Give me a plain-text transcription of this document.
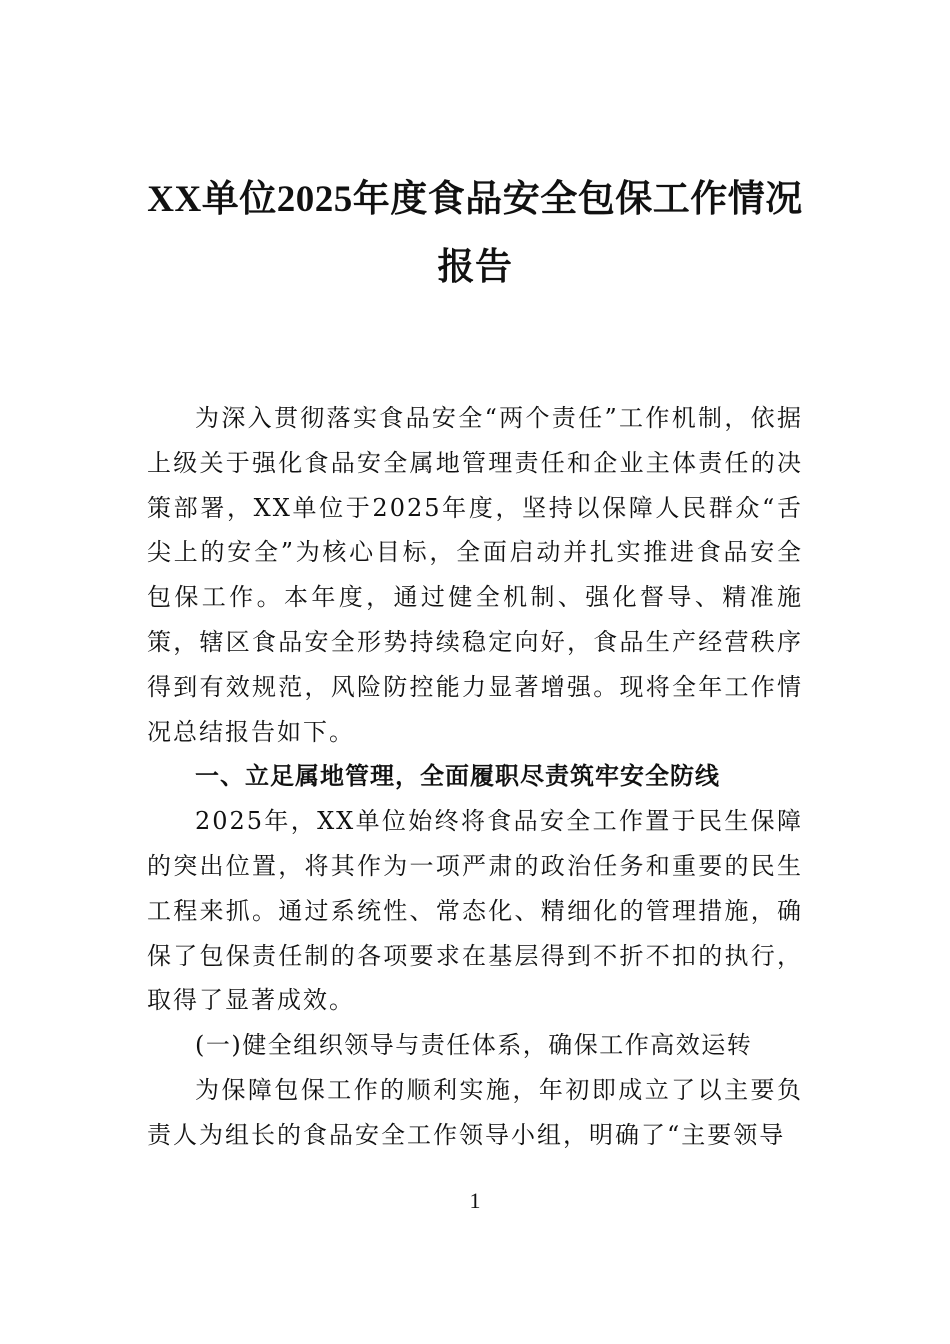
XX单位2025年度食品安全包保工作情况
报告

为深入贯彻落实食品安全“两个责任”工作机制，依据上级关于强化食品安全属地管理责任和企业主体责任的决策部署，XX单位于2025年度，坚持以保障人民群众“舌尖上的安全”为核心目标，全面启动并扎实推进食品安全包保工作。本年度，通过健全机制、强化督导、精准施策，辖区食品安全形势持续稳定向好，食品生产经营秩序得到有效规范，风险防控能力显著增强。现将全年工作情况总结报告如下。

一、立足属地管理，全面履职尽责筑牢安全防线

2025年，XX单位始终将食品安全工作置于民生保障的突出位置，将其作为一项严肃的政治任务和重要的民生工程来抓。通过系统性、常态化、精细化的管理措施，确保了包保责任制的各项要求在基层得到不折不扣的执行，取得了显著成效。

(一)健全组织领导与责任体系，确保工作高效运转

为保障包保工作的顺利实施，年初即成立了以主要负责人为组长的食品安全工作领导小组，明确了“主要领导

1
